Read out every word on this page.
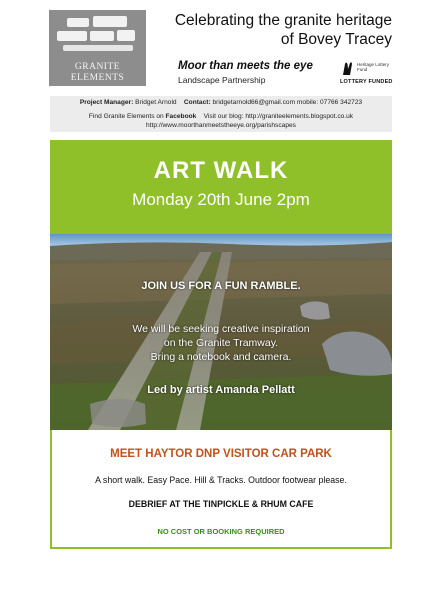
GRANITE
ELEMENTS
Celebrating the granite heritage
of Bovey Tracey
Moor than meets the eye
Landscape Partnership
Heritage Lottery Fund
LOTTERY FUNDED
Project Manager: Bridget Arnold Contact: bridgetarnold66@gmail.com mobile: 07766 342723
Find Granite Elements on Facebook Visit our blog: http://graniteelements.blogspot.co.uk
http://www.moorthanmeetstheeye.org/parishscapes
ART WALK
Monday 20th June 2pm
JOIN US FOR A FUN RAMBLE.
We will be seeking creative inspiration
on the Granite Tramway.
Bring a notebook and camera.
Led by artist Amanda Pellatt
MEET HAYTOR DNP VISITOR CAR PARK
A short walk. Easy Pace. Hill & Tracks. Outdoor footwear please.
DEBRIEF AT THE TINPICKLE & RHUM CAFE
NO COST OR BOOKING REQUIRED
